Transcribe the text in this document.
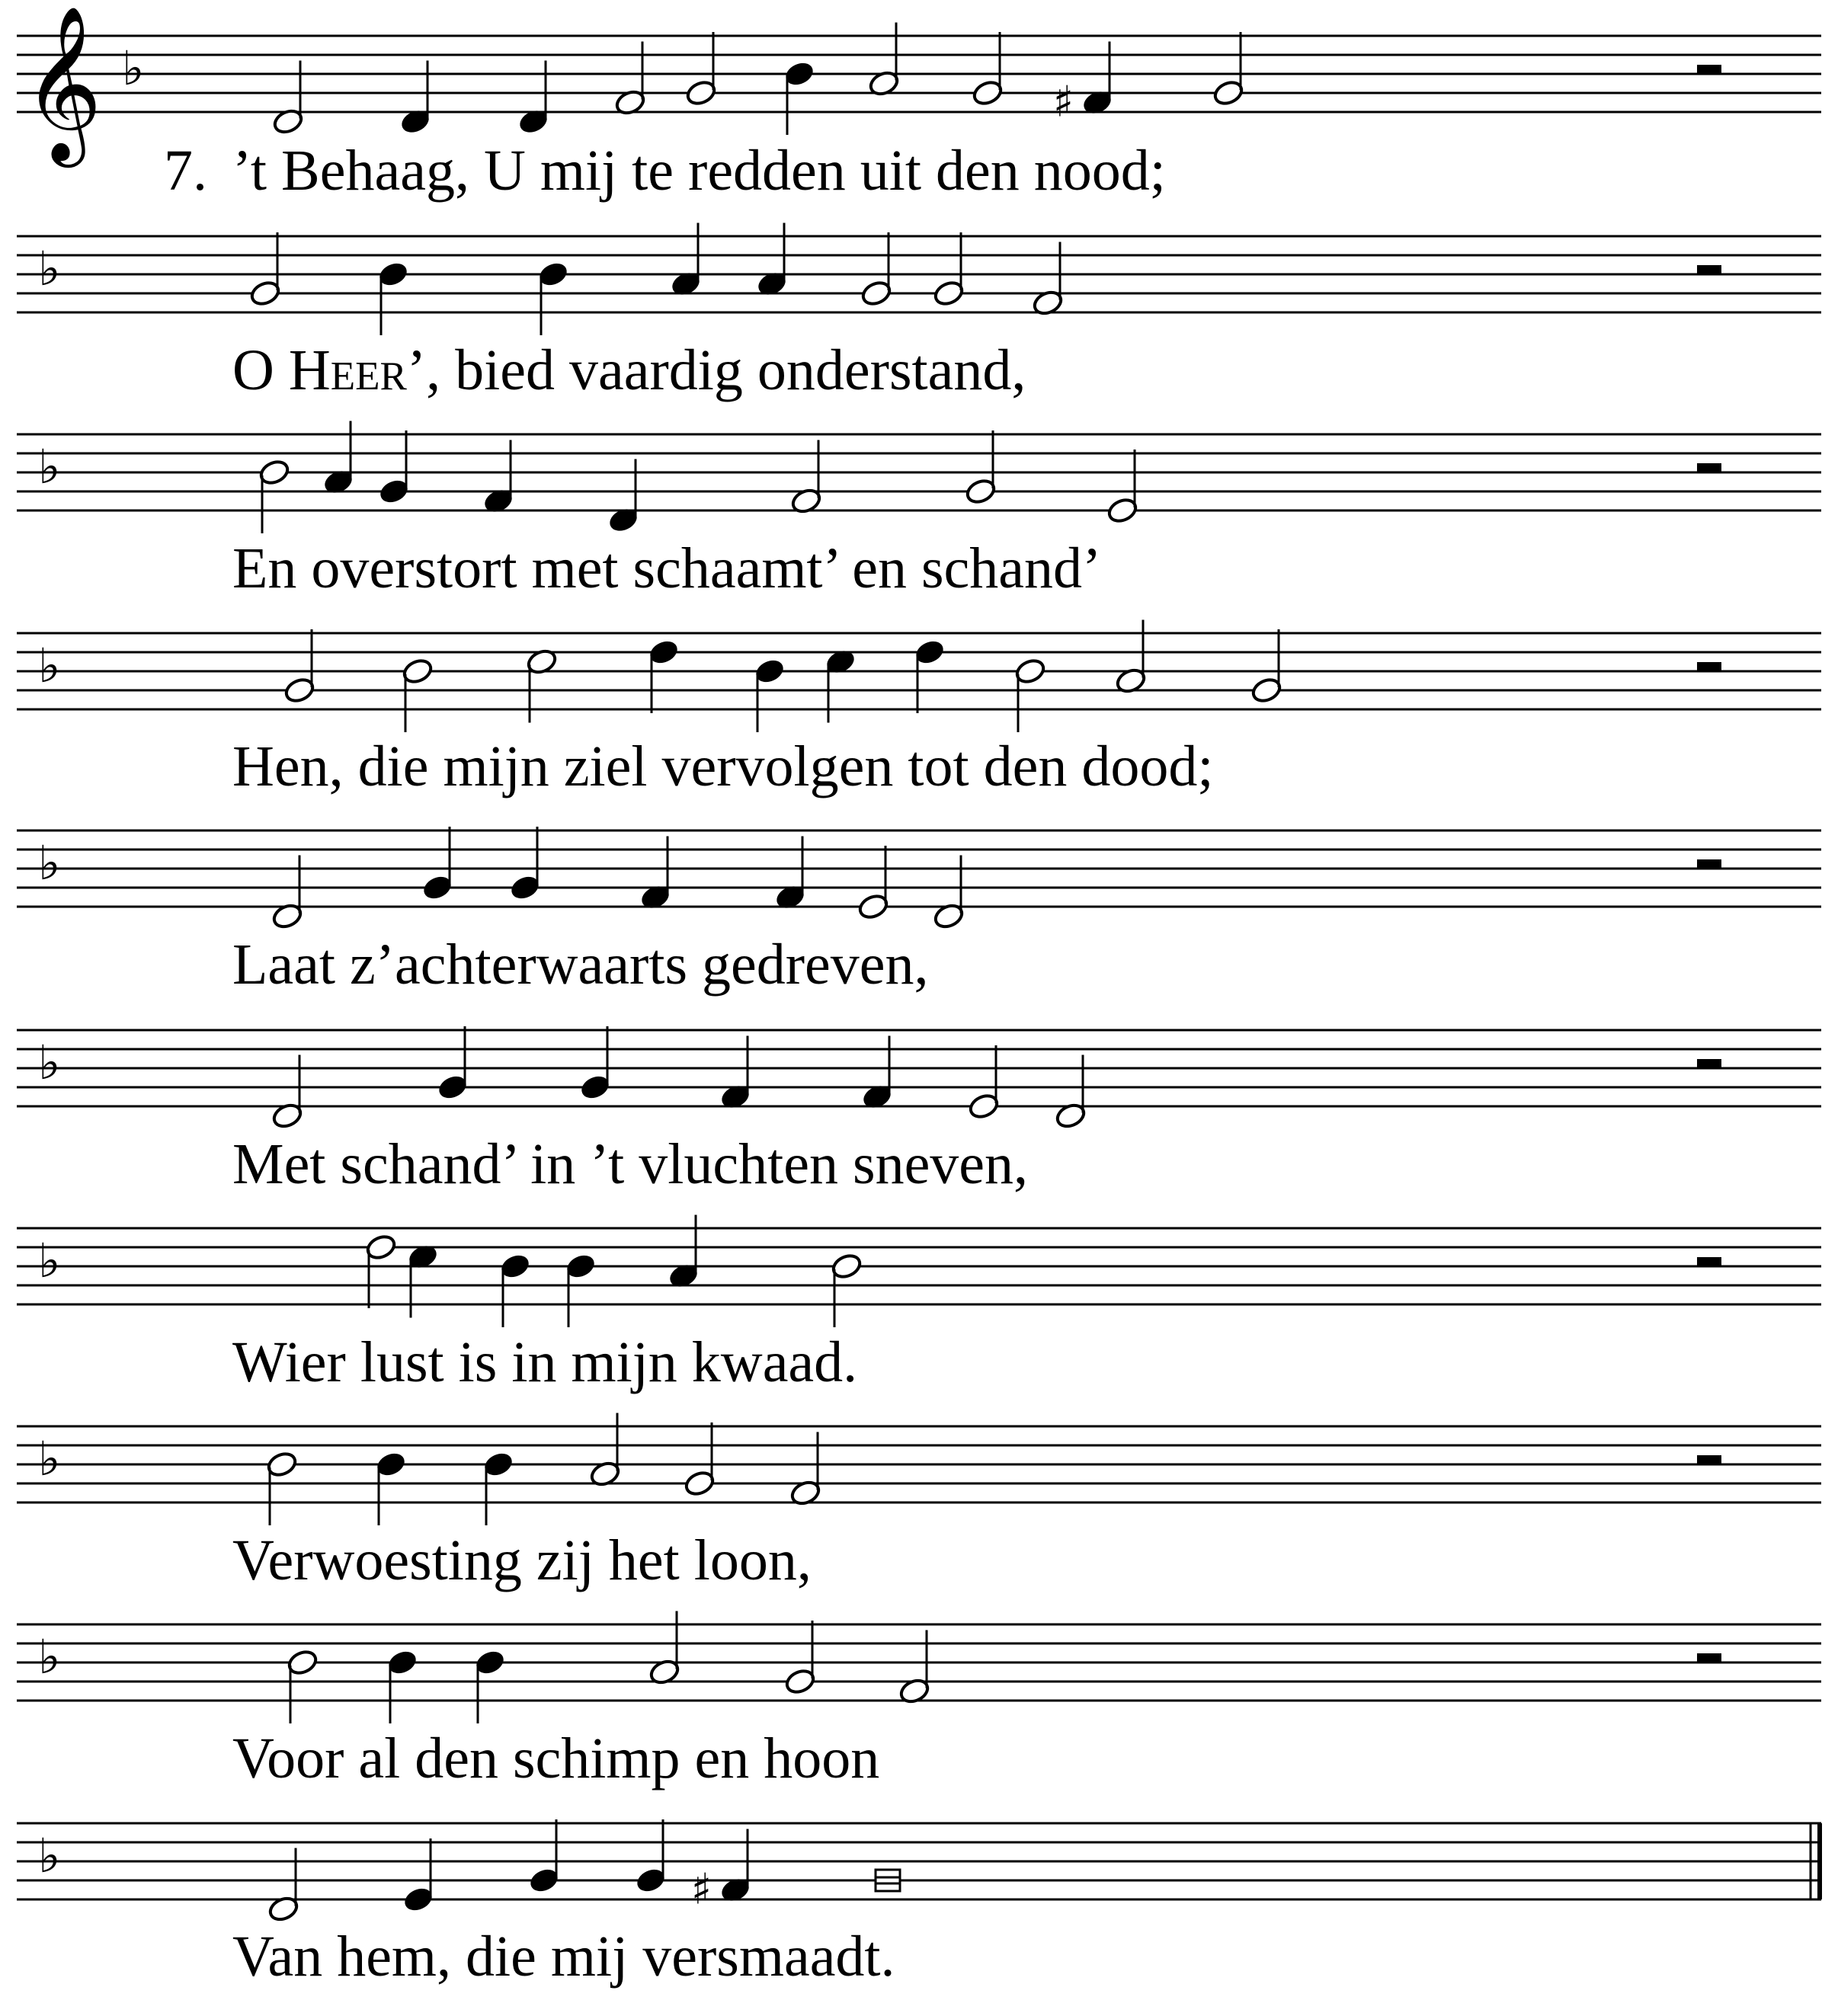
𝄞 ♭
♯
♭
♭
♭
♭
♭
♭
♭
♭
♭
♯
7. ’t Behaag, U mij te redden uit den nood;
O Heer’, bied vaardig onderstand,
En overstort met schaamt’ en schand’
Hen, die mijn ziel vervolgen tot den dood;
Laat z’achterwaarts gedreven,
Met schand’ in ’t vluchten sneven,
Wier lust is in mijn kwaad.
Verwoesting zij het loon,
Voor al den schimp en hoon
Van hem, die mij versmaadt.
